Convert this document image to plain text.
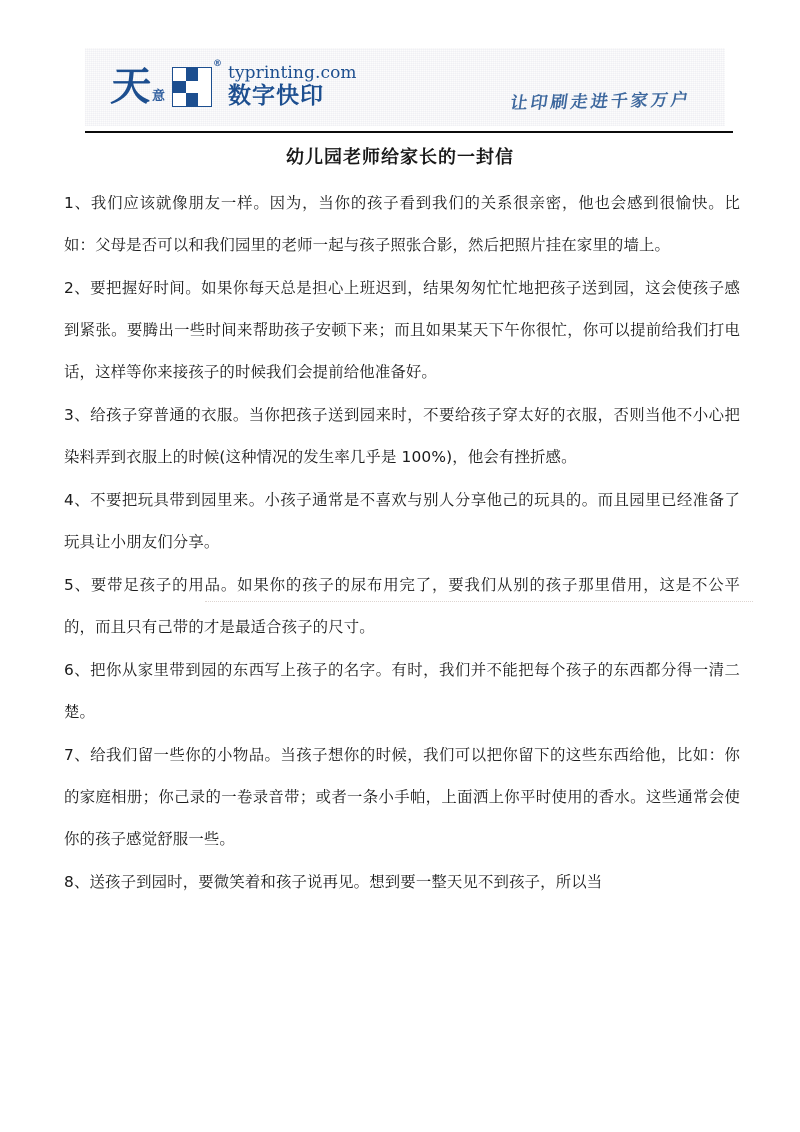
天 意
® typrinting.com
数字快印	让印刷走进千家万户
幼儿园老师给家长的一封信

1、我们应该就像朋友一样。因为，当你的孩子看到我们的关系很亲密，他也会感到很愉快。比如：父母是否可以和我们园里的老师一起与孩子照张合影，然后把照片挂在家里的墙上。

2、要把握好时间。如果你每天总是担心上班迟到，结果匆匆忙忙地把孩子送到园，这会使孩子感到紧张。要腾出一些时间来帮助孩子安顿下来；而且如果某天下午你很忙，你可以提前给我们打电话，这样等你来接孩子的时候我们会提前给他准备好。

3、给孩子穿普通的衣服。当你把孩子送到园来时，不要给孩子穿太好的衣服，否则当他不小心把染料弄到衣服上的时候(这种情况的发生率几乎是 100%)，他会有挫折感。

4、不要把玩具带到园里来。小孩子通常是不喜欢与别人分享他己的玩具的。而且园里已经准备了玩具让小朋友们分享。

5、要带足孩子的用品。如果你的孩子的尿布用完了，要我们从别的孩子那里借用，这是不公平的，而且只有己带的才是最适合孩子的尺寸。

6、把你从家里带到园的东西写上孩子的名字。有时，我们并不能把每个孩子的东西都分得一清二楚。

7、给我们留一些你的小物品。当孩子想你的时候，我们可以把你留下的这些东西给他，比如：你的家庭相册；你己录的一卷录音带；或者一条小手帕，上面洒上你平时使用的香水。这些通常会使你的孩子感觉舒服一些。

8、送孩子到园时，要微笑着和孩子说再见。想到要一整天见不到孩子，所以当
